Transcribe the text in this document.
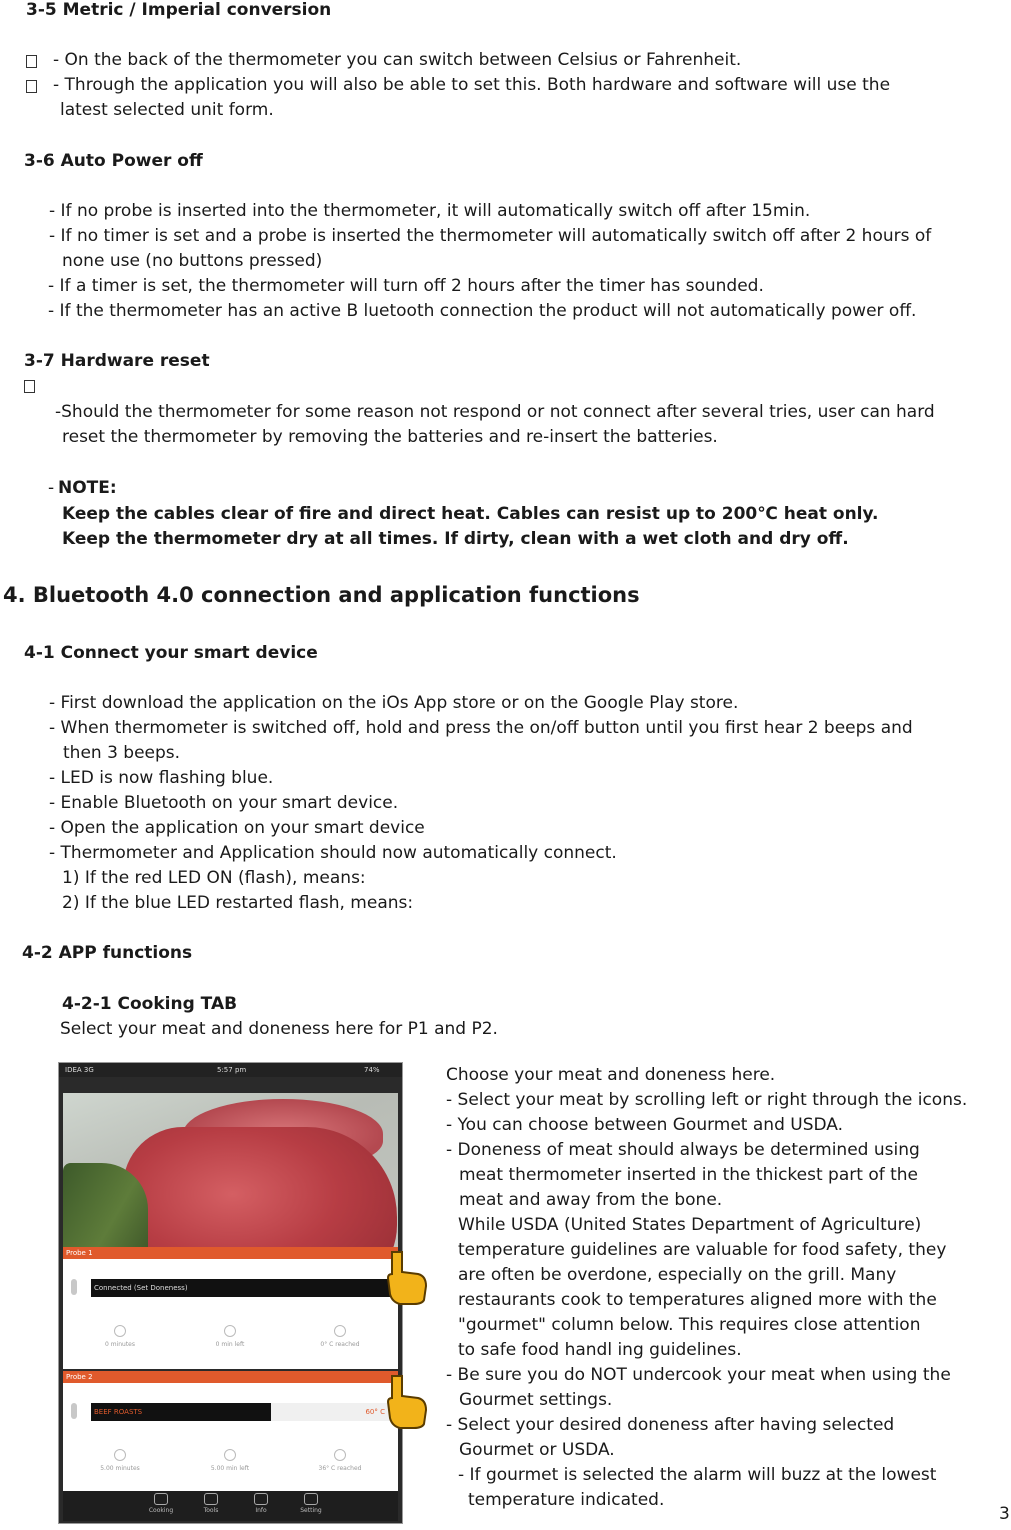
3-5 Metric / Imperial conversion
- On the back of the thermometer you can switch between Celsius or Fahrenheit.
- Through the application you will also be able to set this. Both hardware and software will use the
latest selected unit form.
3-6 Auto Power off
- If no probe is inserted into the thermometer, it will automatically switch off after 15min.
- If no timer is set and a probe is inserted the thermometer will automatically switch off after 2 hours of
none use (no buttons pressed)
- If a timer is set, the thermometer will turn off 2 hours after the timer has sounded.
- If the thermometer has an active B luetooth connection the product will not automatically power off.
3-7 Hardware reset
-Should the thermometer for some reason not respond or not connect after several tries, user can hard
reset the thermometer by removing the batteries and re-insert the batteries.
- NOTE:
Keep the cables clear of fire and direct heat. Cables can resist up to 200℃ heat only.
Keep the thermometer dry at all times. If dirty, clean with a wet cloth and dry off.
4. Bluetooth 4.0 connection and application functions
4-1 Connect your smart device
- First download the application on the iOs App store or on the Google Play store.
- When thermometer is switched off, hold and press the on/off button until you first hear 2 beeps and
then 3 beeps.
- LED is now flashing blue.
- Enable Bluetooth on your smart device.
- Open the application on your smart device
- Thermometer and Application should now automatically connect.
1) If the red LED ON (flash), means:
2) If the blue LED restarted flash, means:
4-2 APP functions
4-2-1 Cooking TAB
Select your meat and doneness here for P1 and P2.
IDEA 3G	5:57 pm	74%
Probe 1
Connected (Set Doneness)
0 minutes	0 min left	0° C reached
Probe 2
BEEF ROASTS	60° C
5.00 minutes	5.00 min left	36° C reached
Cooking	Tools	Info	Setting
Choose your meat and doneness here.
- Select your meat by scrolling left or right through the icons.
- You can choose between Gourmet and USDA.
- Doneness of meat should always be determined using
meat thermometer inserted in the thickest part of the
meat and away from the bone.
While USDA (United States Department of Agriculture)
temperature guidelines are valuable for food safety, they
are often be overdone, especially on the grill. Many
restaurants cook to temperatures aligned more with the
"gourmet" column below. This requires close attention
to safe food handl ing guidelines.
- Be sure you do NOT undercook your meat when using the
Gourmet settings.
- Select your desired doneness after having selected
Gourmet or USDA.
- If gourmet is selected the alarm will buzz at the lowest
temperature indicated.
3
